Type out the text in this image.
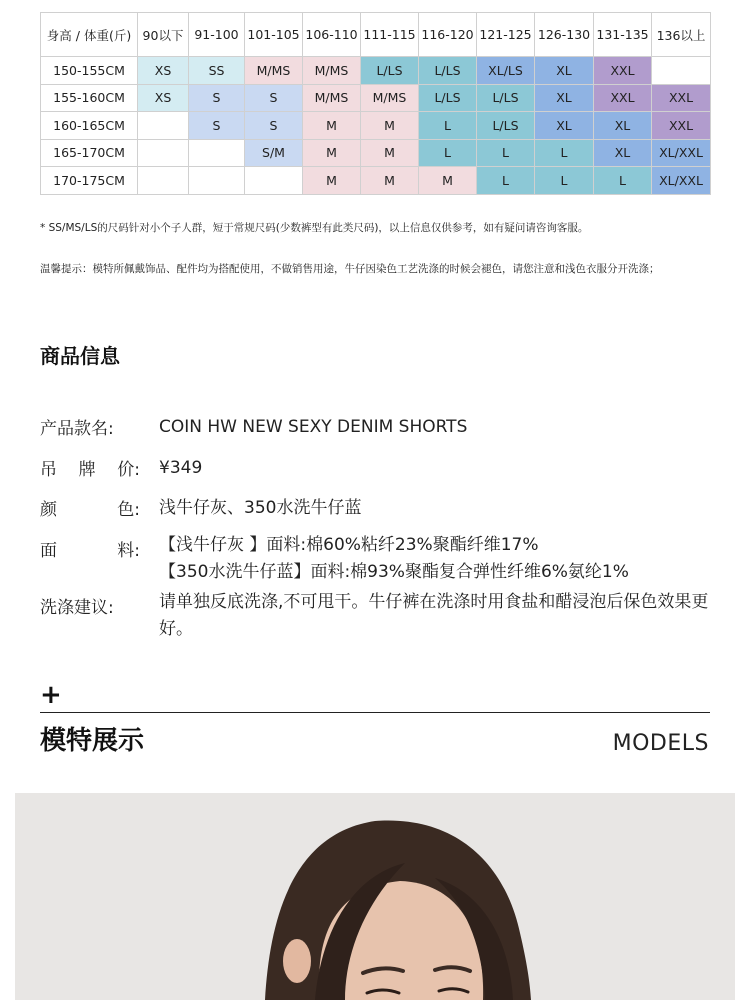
身高 / 体重(斤)	90以下	91-100	101-105	106-110	111-115	116-120	121-125	126-130	131-135	136以上
150-155CM	XS	SS	M/MS	M/MS	L/LS	L/LS	XL/LS	XL	XXL	
155-160CM	XS	S	S	M/MS	M/MS	L/LS	L/LS	XL	XXL	XXL
160-165CM		S	S	M	M	L	L/LS	XL	XL	XXL
165-170CM			S/M	M	M	L	L	L	XL	XL/XXL
170-175CM				M	M	M	L	L	L	XL/XXL

* SS/MS/LS的尺码针对小个子人群，短于常规尺码(少数裤型有此类尺码)，以上信息仅供参考，如有疑问请咨询客服。

温馨提示：模特所佩戴饰品、配件均为搭配使用，不做销售用途，牛仔因染色工艺洗涤的时候会褪色，请您注意和浅色衣服分开洗涤；

商品信息
产品款名:	COIN HW NEW SEXY DENIM SHORTS
吊 牌 价: ¥349
颜	色: 浅牛仔灰、350水洗牛仔蓝
面	料: 【浅牛仔灰 】面料:棉60%粘纤23%聚酯纤维17%
【350水洗牛仔蓝】面料:棉93%聚酯复合弹性纤维6%氨纶1%
洗涤建议:	请单独反底洗涤,不可甩干。牛仔裤在洗涤时用食盐和醋浸泡后保色效果更好。
+
模特展示	MODELS
